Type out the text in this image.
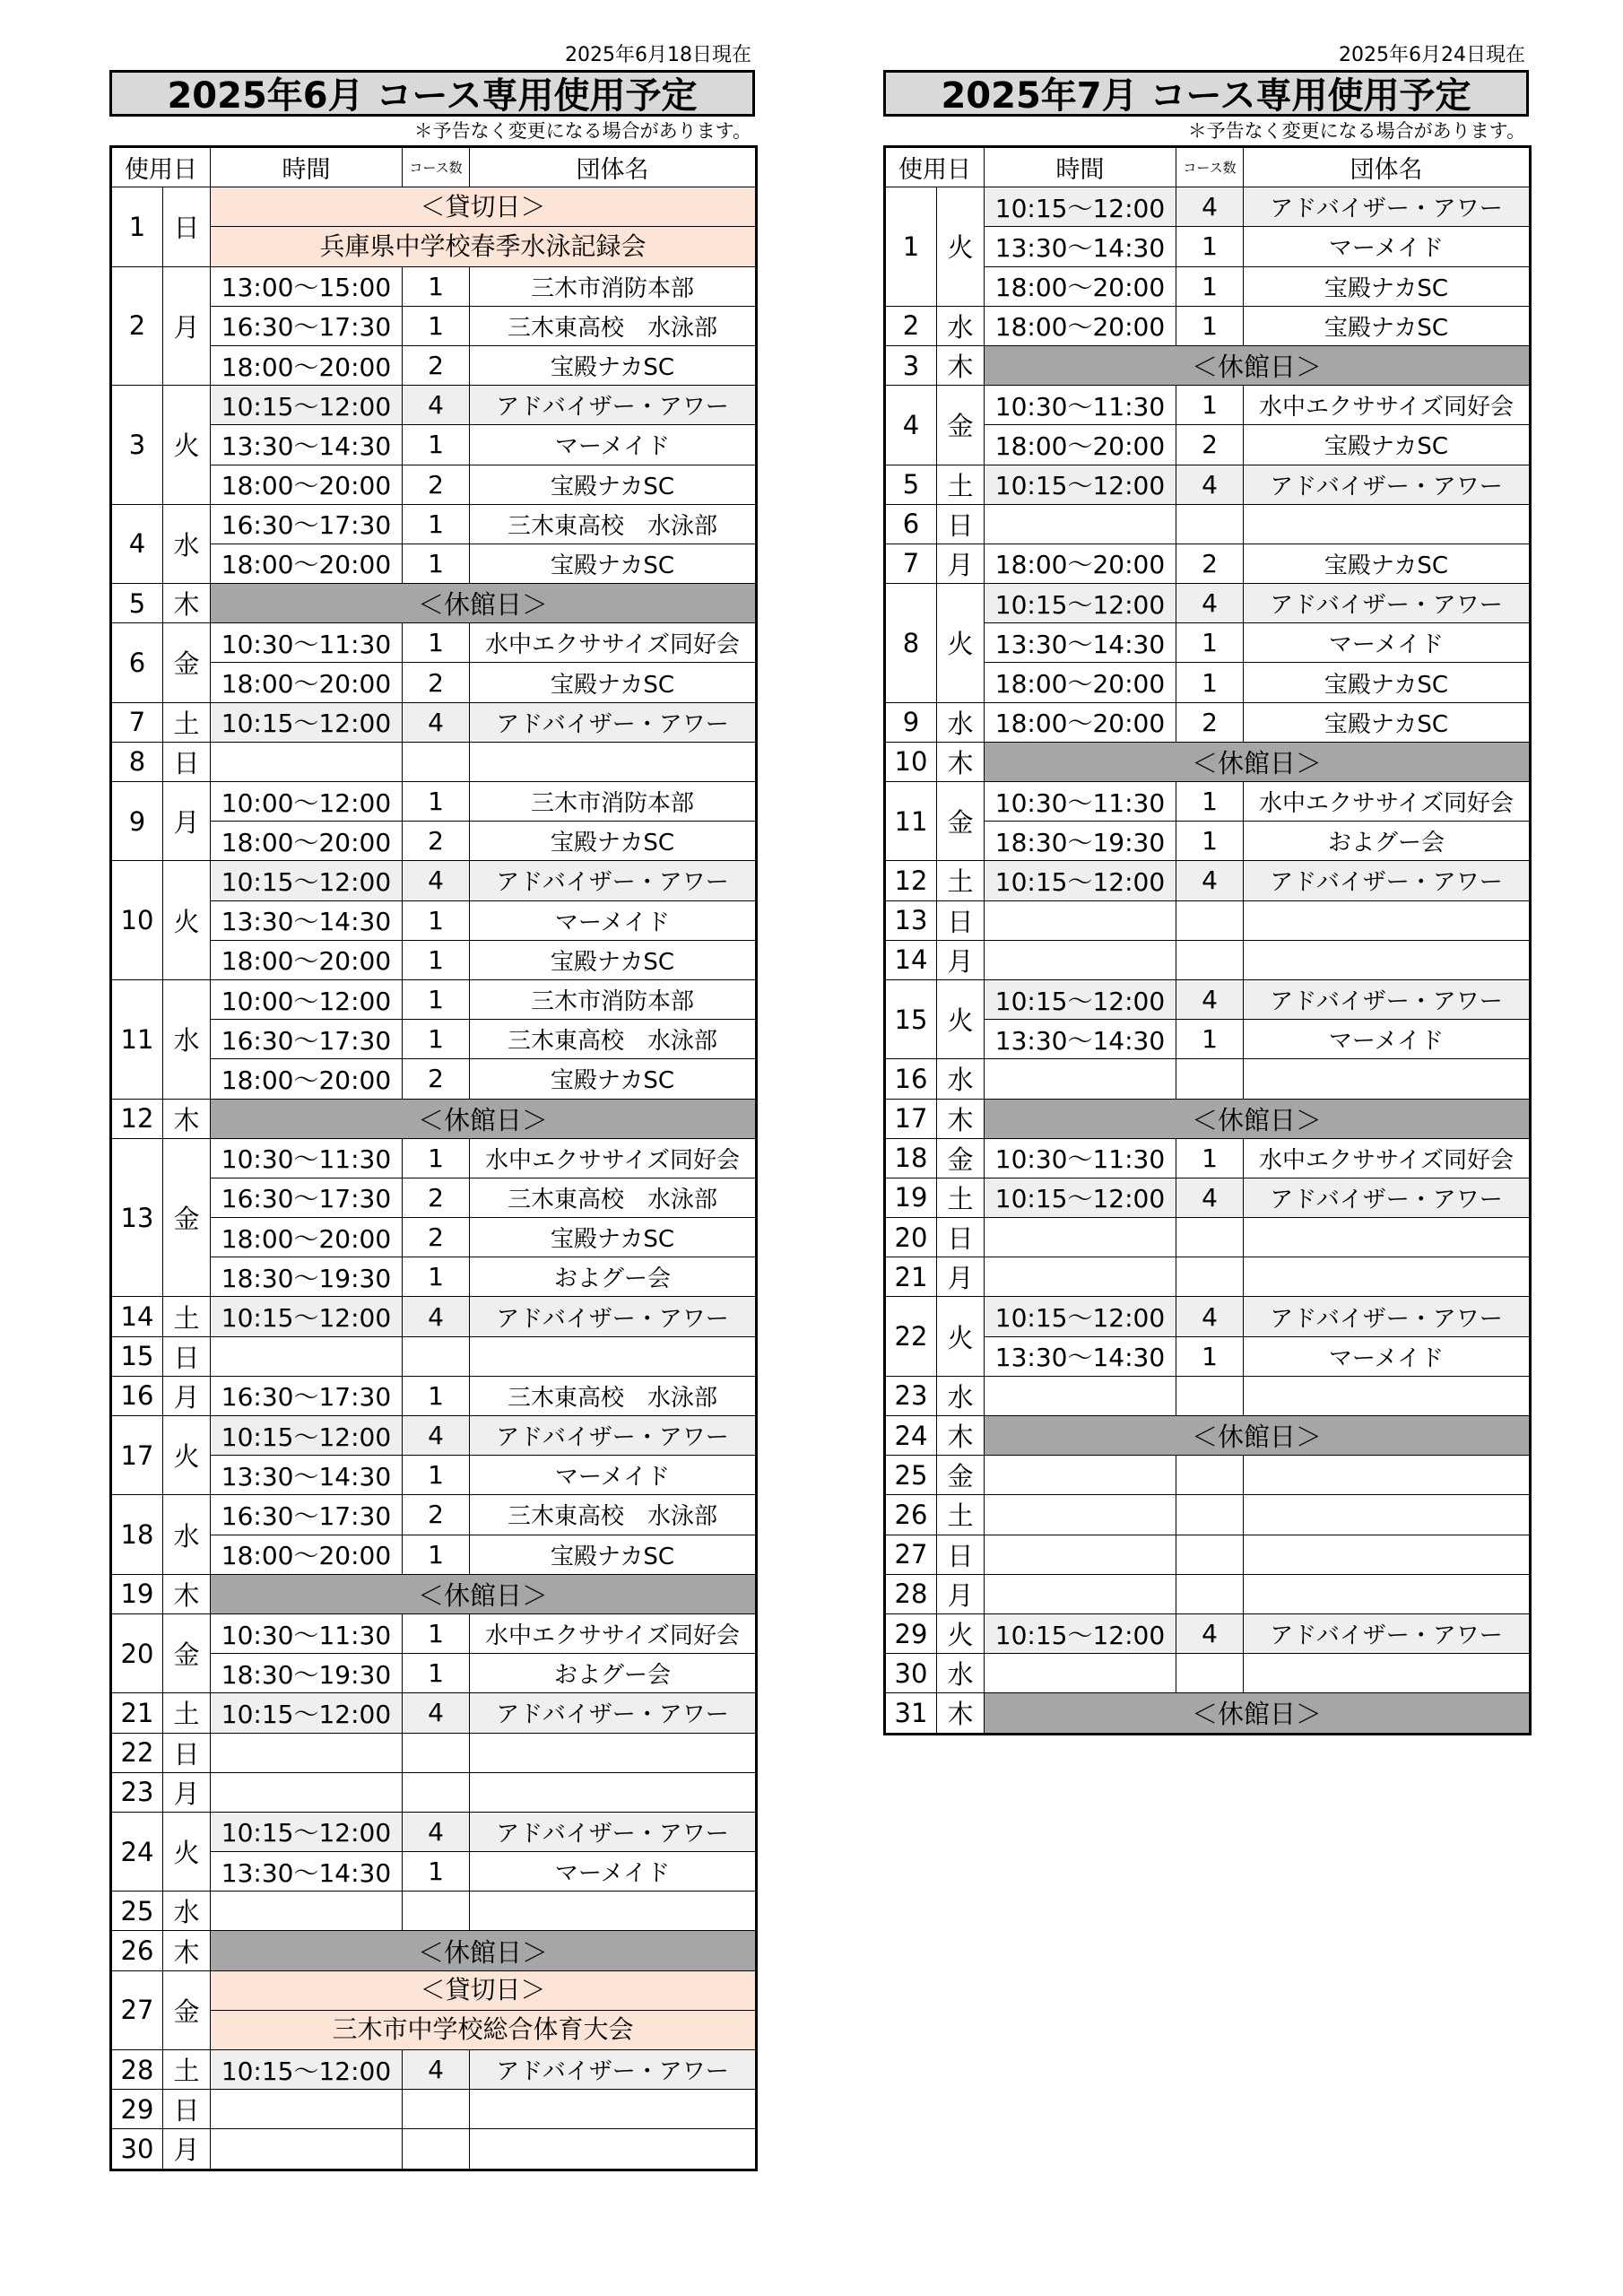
2025年6月18日現在
2025年6月 コース専用使用予定
＊予告なく変更になる場合があります。
使用日		時間	コース数	団体名
1	日	＜貸切日＞		
		兵庫県中学校春季水泳記録会		
2	月	13:00～15:00	1	三木市消防本部
		16:30～17:30	1	三木東高校　水泳部
		18:00～20:00	2	宝殿ナカSC
3	火	10:15～12:00	4	アドバイザー・アワー
		13:30～14:30	1	マーメイド
		18:00～20:00	2	宝殿ナカSC
4	水	16:30～17:30	1	三木東高校　水泳部
		18:00～20:00	1	宝殿ナカSC
5	木	＜休館日＞		
6	金	10:30～11:30	1	水中エクササイズ同好会
		18:00～20:00	2	宝殿ナカSC
7	土	10:15～12:00	4	アドバイザー・アワー
8	日			
9	月	10:00～12:00	1	三木市消防本部
		18:00～20:00	2	宝殿ナカSC
10	火	10:15～12:00	4	アドバイザー・アワー
		13:30～14:30	1	マーメイド
		18:00～20:00	1	宝殿ナカSC
11	水	10:00～12:00	1	三木市消防本部
		16:30～17:30	1	三木東高校　水泳部
		18:00～20:00	2	宝殿ナカSC
12	木	＜休館日＞		
13	金	10:30～11:30	1	水中エクササイズ同好会
		16:30～17:30	2	三木東高校　水泳部
		18:00～20:00	2	宝殿ナカSC
		18:30～19:30	1	およグー会
14	土	10:15～12:00	4	アドバイザー・アワー
15	日			
16	月	16:30～17:30	1	三木東高校　水泳部
17	火	10:15～12:00	4	アドバイザー・アワー
		13:30～14:30	1	マーメイド
18	水	16:30～17:30	2	三木東高校　水泳部
		18:00～20:00	1	宝殿ナカSC
19	木	＜休館日＞		
20	金	10:30～11:30	1	水中エクササイズ同好会
		18:30～19:30	1	およグー会
21	土	10:15～12:00	4	アドバイザー・アワー
22	日			
23	月			
24	火	10:15～12:00	4	アドバイザー・アワー
		13:30～14:30	1	マーメイド
25	水			
26	木	＜休館日＞		
27	金	＜貸切日＞		
		三木市中学校総合体育大会		
28	土	10:15～12:00	4	アドバイザー・アワー
29	日			
30	月			
2025年6月24日現在
2025年7月 コース専用使用予定
＊予告なく変更になる場合があります。
使用日		時間	コース数	団体名
1	火	10:15～12:00	4	アドバイザー・アワー
		13:30～14:30	1	マーメイド
		18:00～20:00	1	宝殿ナカSC
2	水	18:00～20:00	1	宝殿ナカSC
3	木	＜休館日＞		
4	金	10:30～11:30	1	水中エクササイズ同好会
		18:00～20:00	2	宝殿ナカSC
5	土	10:15～12:00	4	アドバイザー・アワー
6	日			
7	月	18:00～20:00	2	宝殿ナカSC
8	火	10:15～12:00	4	アドバイザー・アワー
		13:30～14:30	1	マーメイド
		18:00～20:00	1	宝殿ナカSC
9	水	18:00～20:00	2	宝殿ナカSC
10	木	＜休館日＞		
11	金	10:30～11:30	1	水中エクササイズ同好会
		18:30～19:30	1	およグー会
12	土	10:15～12:00	4	アドバイザー・アワー
13	日			
14	月			
15	火	10:15～12:00	4	アドバイザー・アワー
		13:30～14:30	1	マーメイド
16	水			
17	木	＜休館日＞		
18	金	10:30～11:30	1	水中エクササイズ同好会
19	土	10:15～12:00	4	アドバイザー・アワー
20	日			
21	月			
22	火	10:15～12:00	4	アドバイザー・アワー
		13:30～14:30	1	マーメイド
23	水			
24	木	＜休館日＞		
25	金			
26	土			
27	日			
28	月			
29	火	10:15～12:00	4	アドバイザー・アワー
30	水			
31	木	＜休館日＞		
